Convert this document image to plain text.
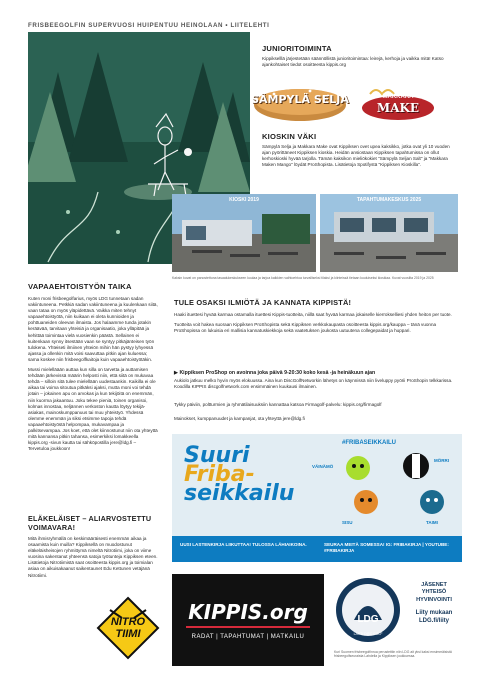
FRISBEEGOLFIN SUPERVUOSI HUIPENTUU HEINOLAAN • LIITELEHTI
JUNIORITOIMINTA
Kippikselllä järjestetään säännöllistä junioritoimintaa: leirejä, kerhoja ja vaikka mitä! Katso ajankohtaiset tiedot osoitteesta kippis.org
SÄMPYLÄ SELJA	MAKKARA
MAKE
KIOSKIN VÄKI
Sämpylä Selja ja Makkara Make ovat Kippiksen ovet upea kaksikko, jotka ovat yli 10 vuoden ajan pyörittäneet Kippiksen kioskia. Heidän ansiostaan Kippiksen tapahtumissa on ollut kerhoskioski hyvää tarjolla. Tämän kaksikon mieliökokiet "Sämpylä Seljan Salt" ja "Makkara Maken Mango" löydät ProShopista. Lisätietoja Spotifystä "Kippiksen Kioskilla".
KIOSKI 2019	TAPAHTUMAKESKUS 2025
Kaksin kuvat on panostettuna tasaalukeskukseen kuulaa ja tarjoa kaikkien vaihtoehtoa turvalliseksi tilaksi ja kiinteissä tietaan kuuluiseksi kioskiaa. Kuvat vuosilta 2019 ja 2025
VAPAAEHTOISTYÖN TAIKA

Kuten moni frisbeegolfarius, myös LDG tunnetaan sadan vakiintuneena. Petkkiä sadan vakiintuneena ja kuulenkaan siitä, vaan tataa on myös yläpidettävä. Vaikka miten tehnyt vapaaehtoistyötä, niin kuikaan ei oleta kunnioiden ja pohttuaneiden oleevan ilmaista. Jos halaamme tunda jotakin keräävää, tarvitaan yhteisiä ja organisaatio, joka ylläpitää ja kehittää toimintaa vielä vuosienkin päästä. Sellainen ei kuitenkaan synny itsestään vaan se syntyy pitkäjänteisen työn tulokena. Yhteiseti ilmiinen yhteiön mihin hän pystyy lyhyessä ajassa ja ollenkin mitä voisi saavuttaa pitkin ajan kuluessa; sama koskee niin frisbeegolfkaitoja kuin vapaaehtoistyötäkin.

Mussi mielelläään auttaa kun silla on tarvetta ja auttamisen tehdään järkevissä määrin helposti niin, että siitä on mukavaa tehdä – silloin sitä tulee mielellään uudestaankin. Kaikilla ei ole aikaa tai voima sitoutua pitkäksi ajaksi, mutta moni voi tehdä jotain – jokainen apu on arvokas ja kun tekijöitä on enemmän, niin kuorma jakaantuu. Joku tekee pieniä, toinen organisoi, kolmas innostaa, neljännen verkoston kautta löytyy tekijä-asiakas, mainoskumppanuus tai muu yhteistyö. Yhdessä olemme enemmän ja siksi etsimme tapoja tehdä vapaaehtoistyöstä helpompaa, mukavampaa ja palkitsevampaa. Jos koet, että olet kiinnostunut niin ota yhteyttä mitä kannansa pitkin tahansa, esimerkiksi lomakkeella kippis.org -sivun kautta tai sähköpostilla jere@ldg.fi – Tervetuloa joukkoon!

ELÄKELÄISET – ALIARVOSTETTU
VOIMAVARA!
Mitä ihmisryhmällä on keskimääräisesti enemmän aikaa ja osaamista kuin muilla? Kippiksellä on muodostunut eläkeläisheisojen ryhmittymä nimeltä Nitrotiimi, joka on viime vuosina sakentanut yhteensä satoja työtunteja Kippiksen eteen. Lisätietoja Nitrotiimistä saat osoitteesta kippis.org ja toimialan asiaa on aikuisakaanut saikentaunet Edu Kettunen vetäjänä Nitrotiimi.
NITRO
TIIMI
TULE OSAKSI ILMIÖTÄ JA KANNATA KIPPISTÄ!

Haaki ituettesi hyvää karmaa ostamalla ituettesi Kippis-tuotteita, niillä saat hyvää karmaa jokaiselle kierrokselliesi yhden heiton per tuote.

Tuotteita voit hakea suoraan Kippiksen ProShopista sekä Kippiksen verkkokaupasta osoitteesta kippis.org/kauppa – tänä vuonna ProShopissa on lukuisia eri mallisia kannatuskiekkoja sekä vaatetuksen joukosta uutuutena collegepaidat ja huppari.

▶ Kippiksen ProShop on avoinna joka päivä 9-20:30 koko kesä -ja heinäkuun ajan
Aukiolo jatkuu melko hyvin myös elokuussa. Aina kun DiscGolfNetworkin lähetys on käynnissä niin liveluppy pyörii ProShopin telkkarissa. Koodilla KIPPIS discgolfnetwork.com ensimmäinen kuukausi ilmainen.
Tykky päiviin, poltturmien ja ryhmätilaisuuksiin kannattaa katsoa Firmagolf-palvelu: kippis.org/firmagolf
Mainokset, kumppanuudet ja kampanjat, ota yhteyttä jere@ldg.fi
Suuri
Friba-
seikkailu
#FRIBASEIKKAILU
VÄINÄMÖ
MÖRRI
SISU	TAIMI
UUSI LASTENKIRJA LIIKUTTAA! TULOSSA LÄHIAIKOINA.	SEURAA MEITÄ SOMESSA! IG: FRIBAKIRJA | YOUTUBE: #FRIBAKIRJA
KIPPIS.org
RADAT | TAPAHTUMAT | MATKAILU
LDG
LAHTI DISC GOLF
JÄSENET
YHTEISÖ
HYVINVOINTI
Liity mukaan
LDG.fi/liity
Kuri Suomen frisbeegolfinrua perustettiin niin LDG ait yksi kaksi ensimmäisistä frisbeegolfseuraista Lahdella ja Kippiksen joukkuessa.
